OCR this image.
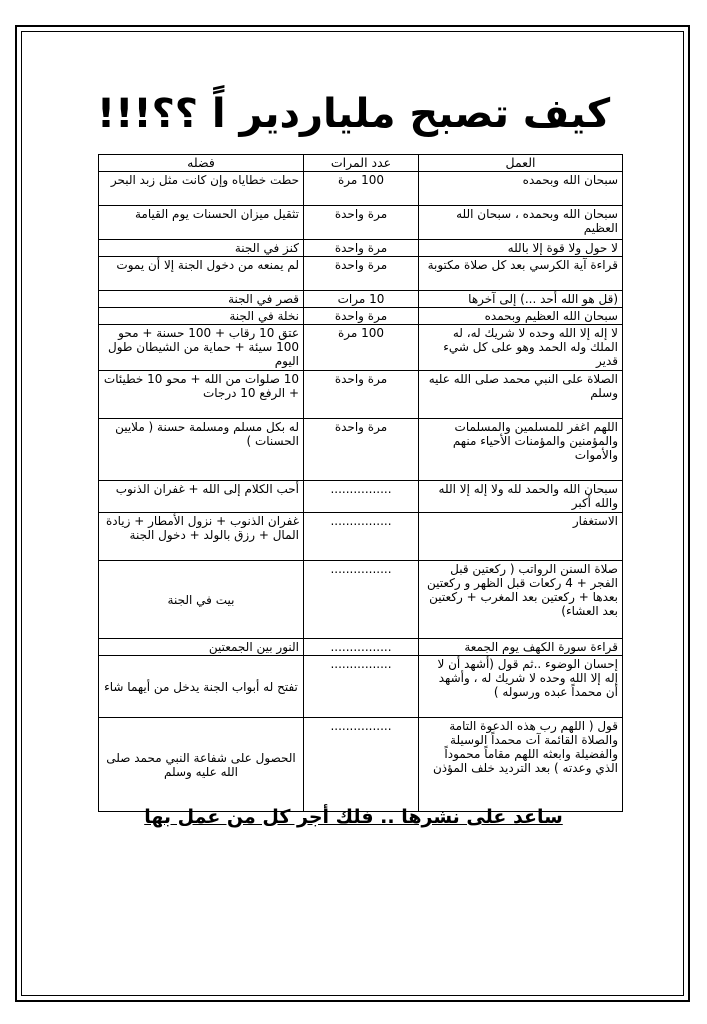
كيف تصبح ملياردير اً ؟؟!!!
العمل	عدد المرات	فضله
سبحان الله وبحمده	100 مرة	حطت خطاياه وإن كانت مثل زبد البحر
سبحان الله وبحمده ، سبحان الله العظيم	مرة واحدة	تثقيل ميزان الحسنات يوم القيامة
لا حول ولا قوة إلا بالله	مرة واحدة	كنز في الجنة
قراءة آية الكرسي بعد كل صلاة مكتوبة	مرة واحدة	لم يمنعه من دخول الجنة إلا أن يموت
(قل هو الله أحد ...) إلى آخرها	10 مرات	قصر في الجنة
سبحان الله العظيم وبحمده	مرة واحدة	نخلة في الجنة
لا إله إلا الله وحده لا شريك له، له الملك وله الحمد وهو على كل شيء قدير	100 مرة	عتق 10 رقاب + 100 حسنة + محو 100 سيئة + حماية من الشيطان طول اليوم
الصلاة على النبي محمد صلى الله عليه وسلم	مرة واحدة	10 صلوات من الله + محو 10 خطيئات + الرفع 10 درجات
اللهم اغفر للمسلمين والمسلمات والمؤمنين والمؤمنات الأحياء منهم والأموات	مرة واحدة	له بكل مسلم ومسلمة حسنة ( ملايين الحسنات )
سبحان الله والحمد لله ولا إله إلا الله والله أكبر	................	أحب الكلام إلى الله + غفران الذنوب
الاستغفار	................	غفران الذنوب + نزول الأمطار + زيادة المال + رزق بالولد + دخول الجنة
صلاة السنن الرواتب ( ركعتين قبل الفجر + 4 ركعات قبل الظهر و ركعتين بعدها + ركعتين بعد المغرب + ركعتين بعد العشاء)	................	بيت في الجنة
قراءة سورة الكهف يوم الجمعة	................	النور بين الجمعتين
إحسان الوضوء ..ثم قول (أشهد أن لا إله إلا الله وحده لا شريك له ، وأشهد أن محمداً عبده ورسوله )	................	تفتح له أبواب الجنة يدخل من أيهما شاء
قول ( اللهم رب هذه الدعوة التامة والصلاة القائمة آت محمداً الوسيلة والفضيلة وابعثه اللهم مقاماً محموداً الذي وعدته ) بعد الترديد خلف المؤذن	................	الحصول على شفاعة النبي محمد صلى الله عليه وسلم
ساعد على نشرها .. فلك أجر كل من عمل بها
